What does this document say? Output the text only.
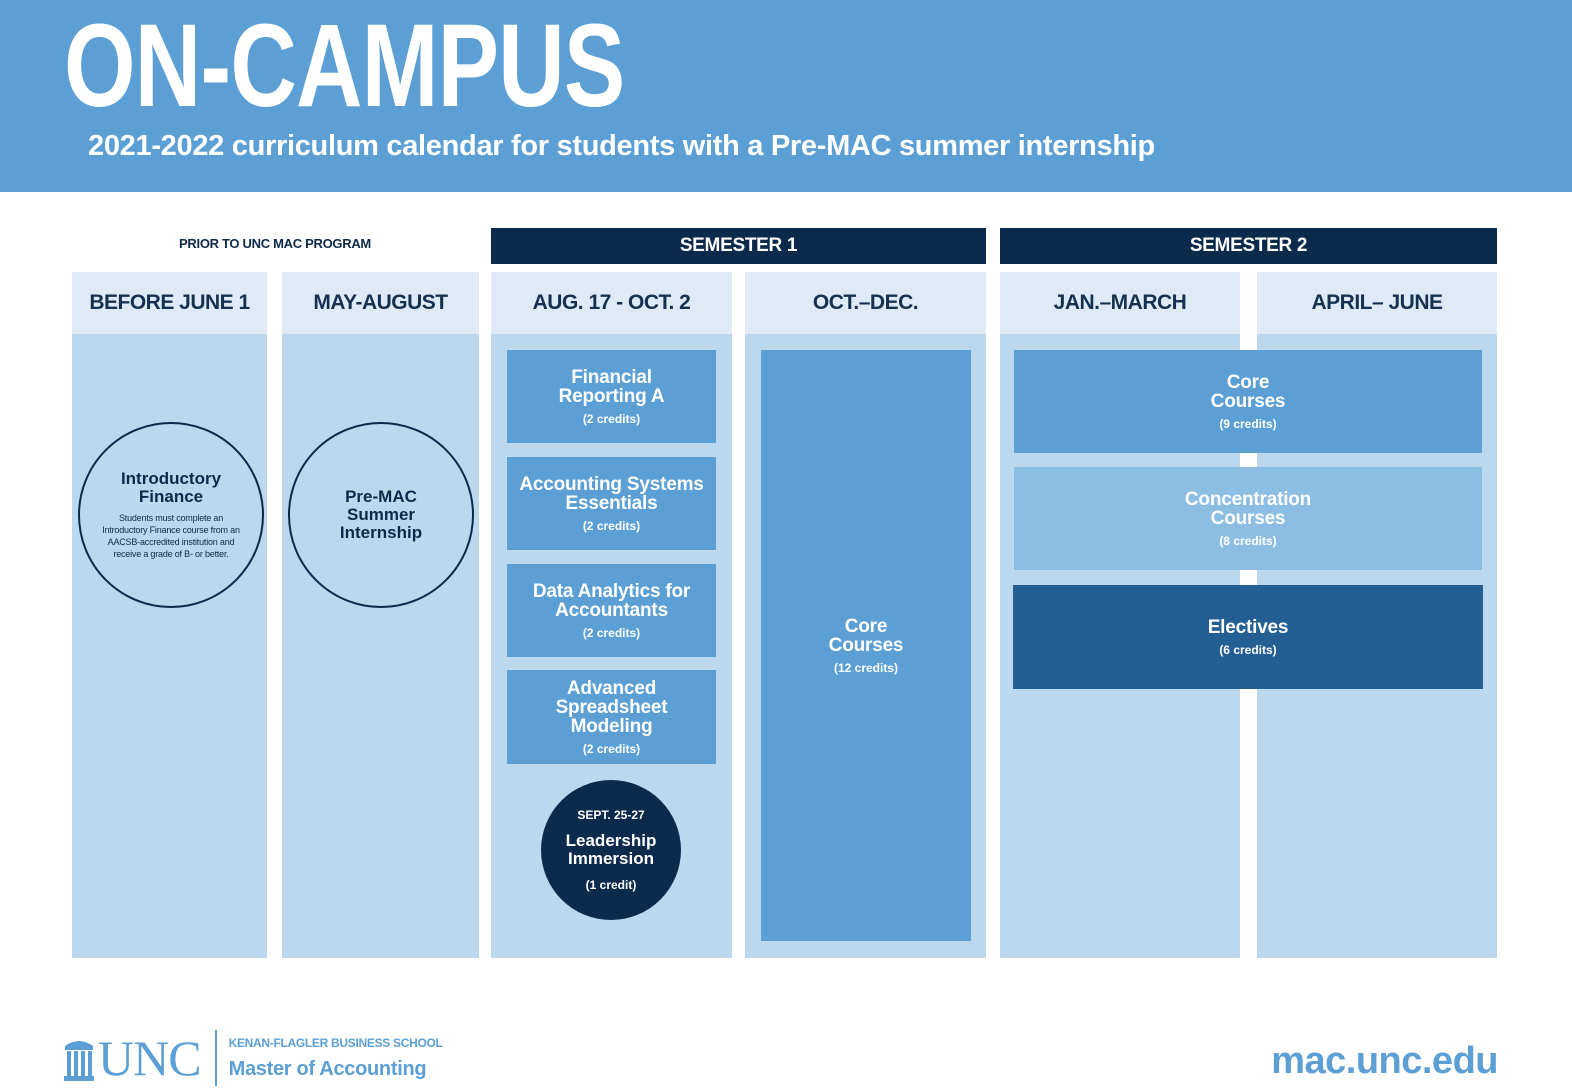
ON-CAMPUS
2021-2022 curriculum calendar for students with a Pre-MAC summer internship
PRIOR TO UNC MAC PROGRAM	SEMESTER 1	SEMESTER 2
BEFORE JUNE 1	MAY-AUGUST	AUG. 17 - OCT. 2	OCT.–DEC.	JAN.–MARCH	APRIL– JUNE
Introductory Finance
Students must complete an Introductory Finance course from an AACSB-accredited institution and receive a grade of B- or better.
Pre-MAC Summer Internship
Financial Reporting A
(2 credits)
Accounting Systems Essentials
(2 credits)
Data Analytics for Accountants
(2 credits)
Advanced Spreadsheet Modeling
(2 credits)
SEPT. 25-27
Leadership Immersion
(1 credit)
Core Courses
(12 credits)
Core Courses
(9 credits)
Concentration Courses
(8 credits)
Electives
(6 credits)
UNC KENAN-FLAGLER BUSINESS SCHOOL
Master of Accounting	mac.unc.edu
